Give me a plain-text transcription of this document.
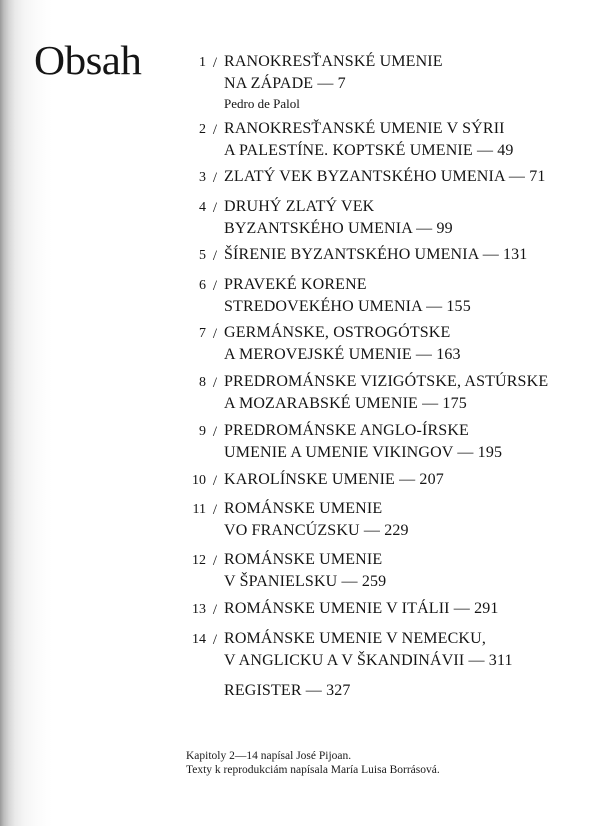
Obsah	1 / RANOKRESŤANSKÉ UMENIE
NA ZÁPADE — 7
Pedro de Palol
2 / RANOKRESŤANSKÉ UMENIE V SÝRII
A PALESTÍNE. KOPTSKÉ UMENIE — 49
3 / ZLATÝ VEK BYZANTSKÉHO UMENIA — 71
4 / DRUHÝ ZLATÝ VEK
BYZANTSKÉHO UMENIA — 99
5 / ŠÍRENIE BYZANTSKÉHO UMENIA — 131
6 / PRAVEKÉ KORENE
STREDOVEKÉHO UMENIA — 155
7 / GERMÁNSKE, OSTROGÓTSKE
A MEROVEJSKÉ UMENIE — 163
8 / PREDROMÁNSKE VIZIGÓTSKE, ASTÚRSKE
A MOZARABSKÉ UMENIE — 175
9 / PREDROMÁNSKE ANGLO-ÍRSKE
UMENIE A UMENIE VIKINGOV — 195
10 / KAROLÍNSKE UMENIE — 207
11 / ROMÁNSKE UMENIE
VO FRANCÚZSKU — 229
12 / ROMÁNSKE UMENIE
V ŠPANIELSKU — 259
13 / ROMÁNSKE UMENIE V ITÁLII — 291
14 / ROMÁNSKE UMENIE V NEMECKU,
V ANGLICKU A V ŠKANDINÁVII — 311
REGISTER — 327
Kapitoly 2—14 napísal José Pijoan.
Texty k reprodukciám napísala María Luisa Borrásová.
